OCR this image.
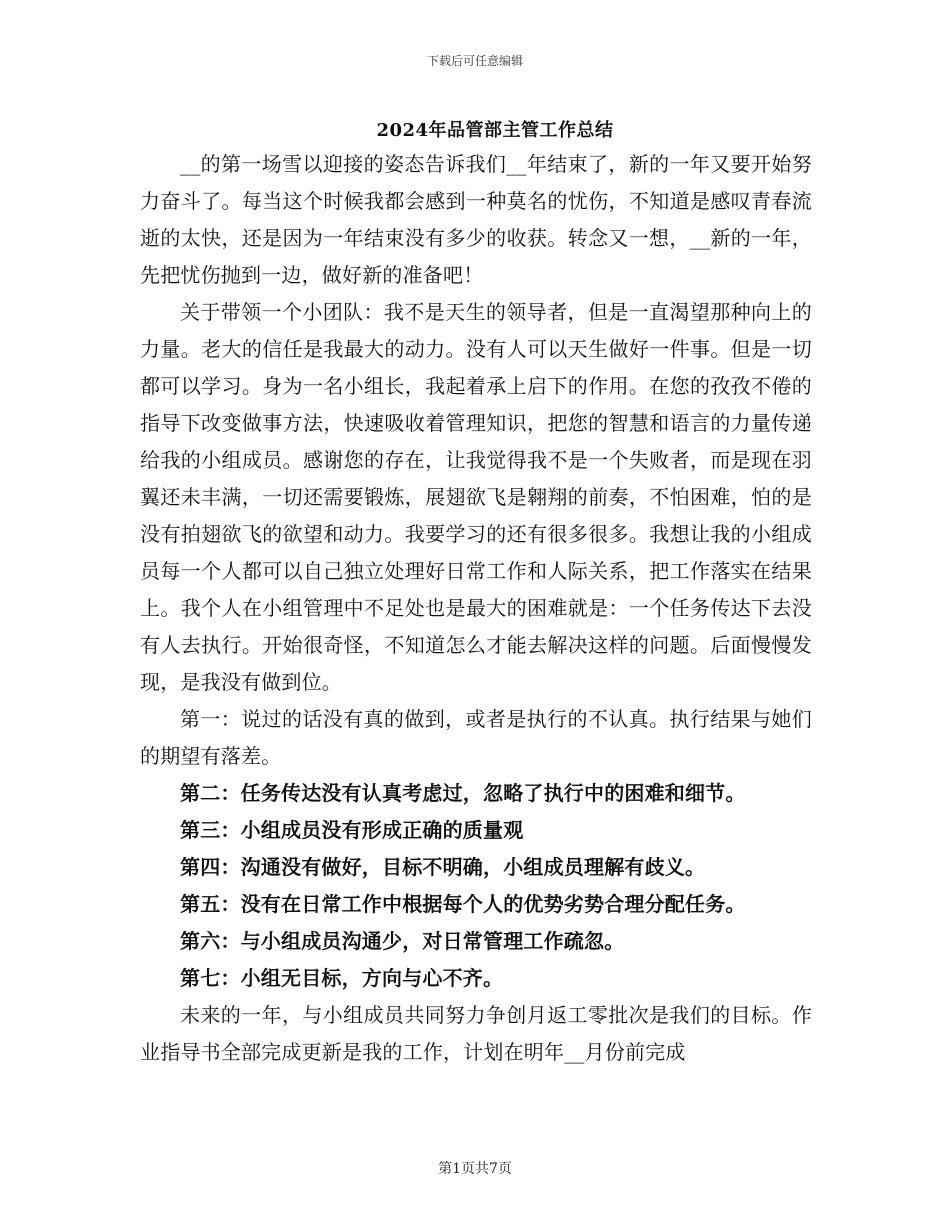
下载后可任意编辑
2024年品管部主管工作总结

__的第一场雪以迎接的姿态告诉我们__年结束了，新的一年又要开始努力奋斗了。每当这个时候我都会感到一种莫名的忧伤，不知道是感叹青春流逝的太快，还是因为一年结束没有多少的收获。转念又一想，__新的一年，先把忧伤抛到一边，做好新的准备吧！

关于带领一个小团队：我不是天生的领导者，但是一直渴望那种向上的力量。老大的信任是我最大的动力。没有人可以天生做好一件事。但是一切都可以学习。身为一名小组长，我起着承上启下的作用。在您的孜孜不倦的指导下改变做事方法，快速吸收着管理知识，把您的智慧和语言的力量传递给我的小组成员。感谢您的存在，让我觉得我不是一个失败者，而是现在羽翼还未丰满，一切还需要锻炼，展翅欲飞是翱翔的前奏，不怕困难，怕的是没有拍翅欲飞的欲望和动力。我要学习的还有很多很多。我想让我的小组成员每一个人都可以自己独立处理好日常工作和人际关系，把工作落实在结果上。我个人在小组管理中不足处也是最大的困难就是：一个任务传达下去没有人去执行。开始很奇怪，不知道怎么才能去解决这样的问题。后面慢慢发现，是我没有做到位。

第一：说过的话没有真的做到，或者是执行的不认真。执行结果与她们的期望有落差。

第二：任务传达没有认真考虑过，忽略了执行中的困难和细节。

第三：小组成员没有形成正确的质量观

第四：沟通没有做好，目标不明确，小组成员理解有歧义。

第五：没有在日常工作中根据每个人的优势劣势合理分配任务。

第六：与小组成员沟通少，对日常管理工作疏忽。

第七：小组无目标，方向与心不齐。

未来的一年，与小组成员共同努力争创月返工零批次是我们的目标。作业指导书全部完成更新是我的工作，计划在明年__月份前完成

第1页共7页
